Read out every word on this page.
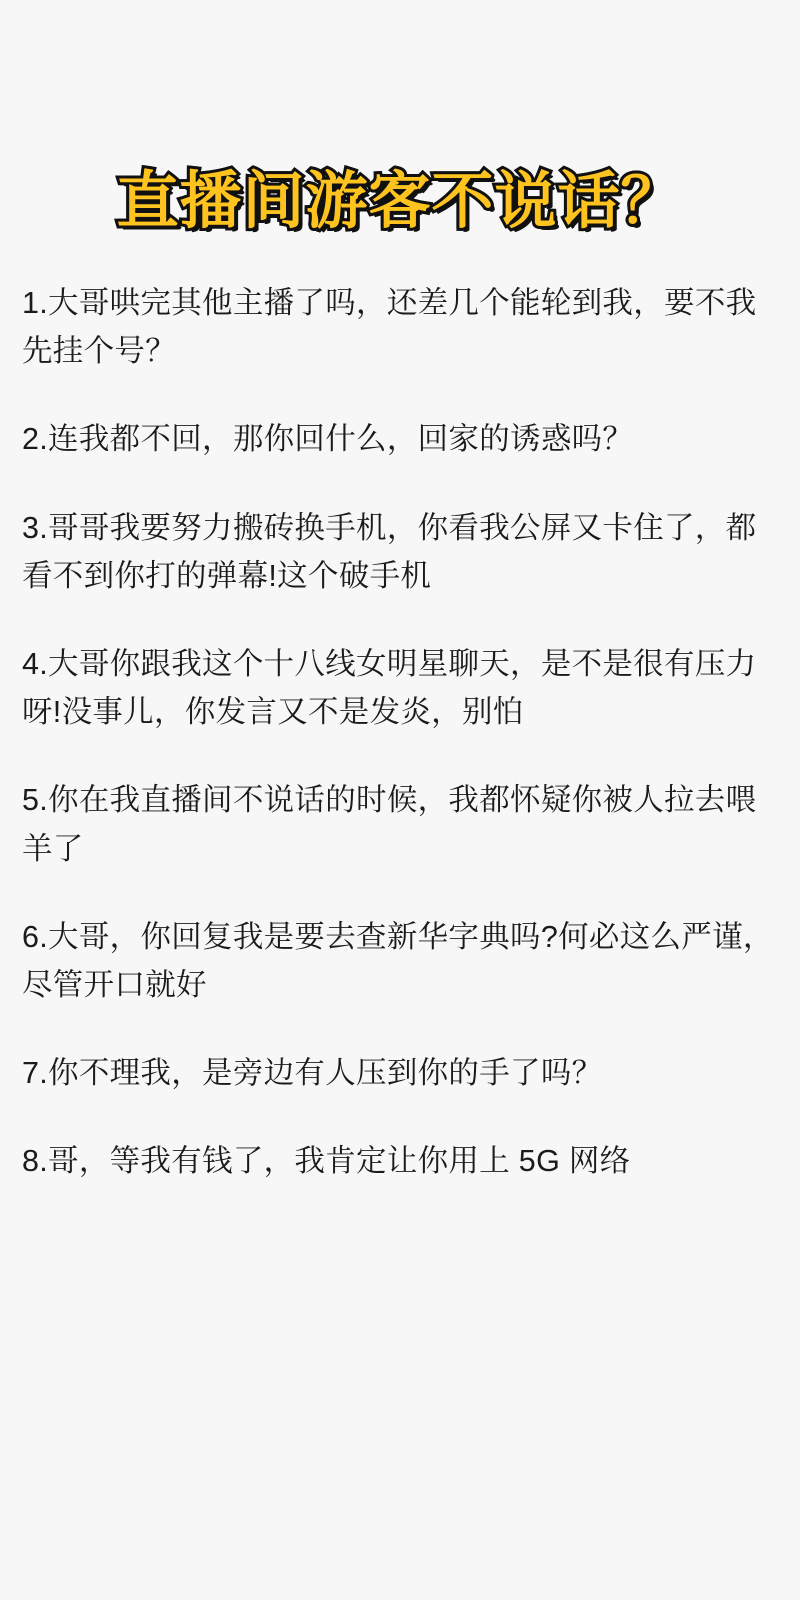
直播间游客不说话？

1.大哥哄完其他主播了吗，还差几个能轮到我，要不我先挂个号？

2.连我都不回，那你回什么，回家的诱惑吗？

3.哥哥我要努力搬砖换手机，你看我公屏又卡住了，都看不到你打的弹幕!这个破手机

4.大哥你跟我这个十八线女明星聊天，是不是很有压力呀!没事儿，你发言又不是发炎，别怕

5.你在我直播间不说话的时候，我都怀疑你被人拉去喂羊了

6.大哥，你回复我是要去查新华字典吗?何必这么严谨，尽管开口就好

7.你不理我，是旁边有人压到你的手了吗？

8.哥，等我有钱了，我肯定让你用上 5G 网络
